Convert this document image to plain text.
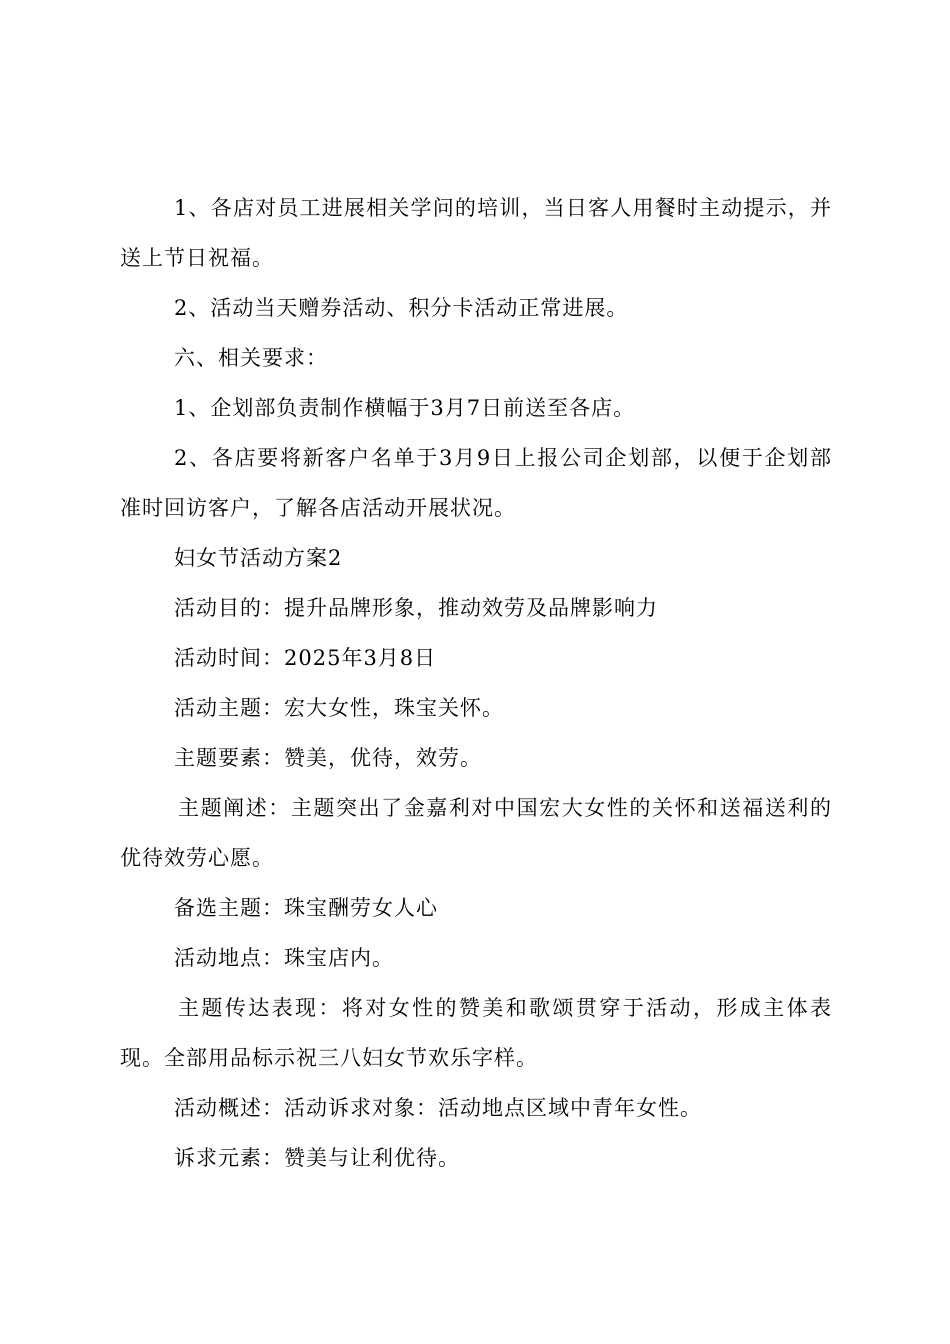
1、各店对员工进展相关学问的培训，当日客人用餐时主动提示，并送上节日祝福。

2、活动当天赠券活动、积分卡活动正常进展。

六、相关要求：

1、企划部负责制作横幅于3月7日前送至各店。

2、各店要将新客户名单于3月9日上报公司企划部，以便于企划部准时回访客户，了解各店活动开展状况。

妇女节活动方案2

活动目的：提升品牌形象，推动效劳及品牌影响力

活动时间：2025年3月8日

活动主题：宏大女性，珠宝关怀。

主题要素：赞美，优待，效劳。

主题阐述：主题突出了金嘉利对中国宏大女性的关怀和送福送利的优待效劳心愿。

备选主题：珠宝酬劳女人心

活动地点：珠宝店内。

主题传达表现：将对女性的赞美和歌颂贯穿于活动，形成主体表现。全部用品标示祝三八妇女节欢乐字样。

活动概述：活动诉求对象：活动地点区域中青年女性。

诉求元素：赞美与让利优待。
